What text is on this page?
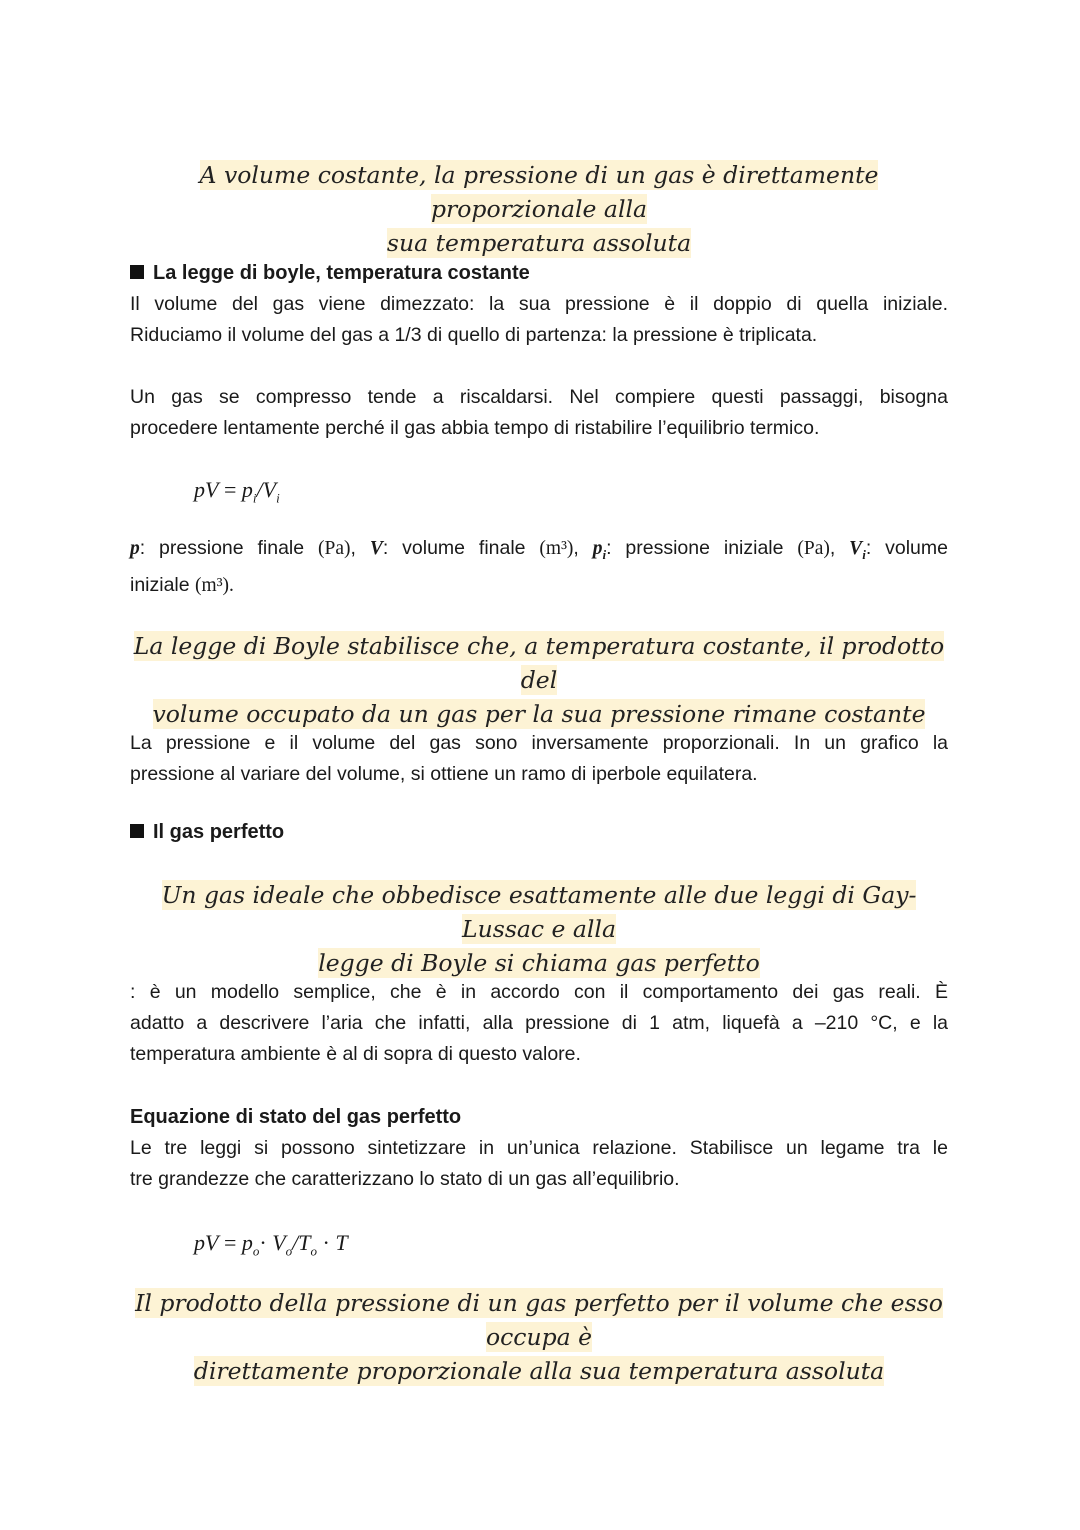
A volume costante, la pressione di un gas è direttamente proporzionale alla
sua temperatura assoluta
La legge di boyle, temperatura costante
Il volume del gas viene dimezzato: la sua pressione è il doppio di quella iniziale.
Riduciamo il volume del gas a 1/3 di quello di partenza: la pressione è triplicata.
Un gas se compresso tende a riscaldarsi. Nel compiere questi passaggi, bisogna
procedere lentamente perché il gas abbia tempo di ristabilire l’equilibrio termico.
pV = $p_i/V_i$
p: pressione finale (Pa), V: volume finale (m³), $p_i$: pressione iniziale (Pa), $V_i$: volume
iniziale (m³).
La legge di Boyle stabilisce che, a temperatura costante, il prodotto del
volume occupato da un gas per la sua pressione rimane costante
La pressione e il volume del gas sono inversamente proporzionali. In un grafico la
pressione al variare del volume, si ottiene un ramo di iperbole equilatera.
Il gas perfetto
Un gas ideale che obbedisce esattamente alle due leggi di Gay-Lussac e alla
legge di Boyle si chiama gas perfetto
: è un modello semplice, che è in accordo con il comportamento dei gas reali. È
adatto a descrivere l’aria che infatti, alla pressione di 1 atm, liquefà a –210 °C, e la
temperatura ambiente è al di sopra di questo valore.
Equazione di stato del gas perfetto
Le tre leggi si possono sintetizzare in un’unica relazione. Stabilisce un legame tra le
tre grandezze che caratterizzano lo stato di un gas all’equilibrio.
pV = $p_o\cdot V_o/T_o \cdot T$
Il prodotto della pressione di un gas perfetto per il volume che esso occupa è
direttamente proporzionale alla sua temperatura assoluta
